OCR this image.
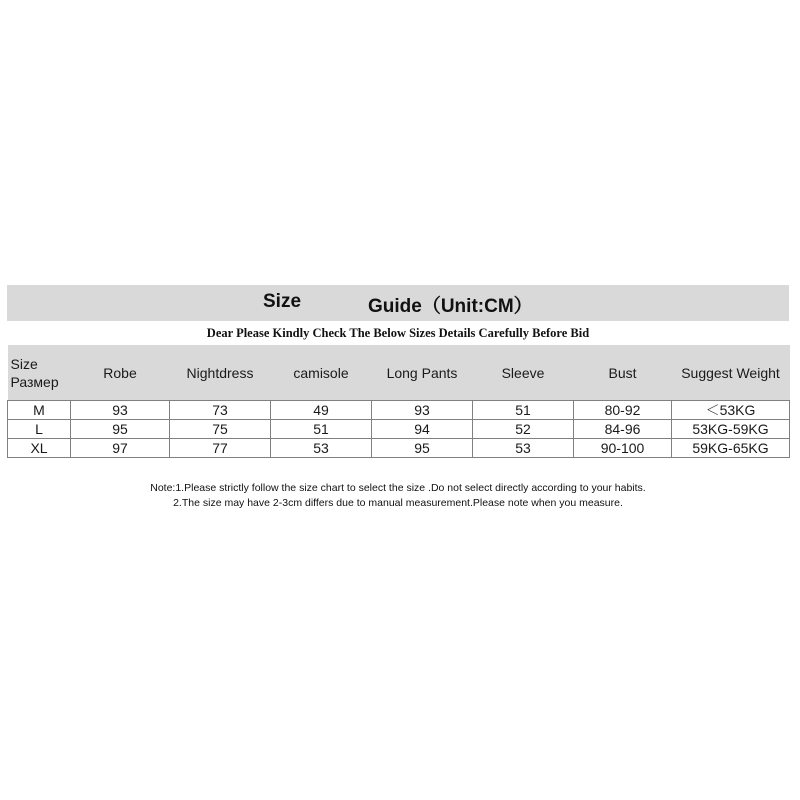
Size	Guide（Unit:CM）
Dear Please Kindly Check The Below Sizes Details Carefully Before Bid
Size
Размер	Robe	Nightdress	camisole	Long Pants	Sleeve	Bust	Suggest Weight
M	93	73	49	93	51	80-92	＜53KG
L	95	75	51	94	52	84-96	53KG-59KG
XL	97	77	53	95	53	90-100	59KG-65KG
Note:1.Please strictly follow the size chart to select the size .Do not select directly according to your habits.
2.The size may have 2-3cm differs due to manual measurement.Please note when you measure.
